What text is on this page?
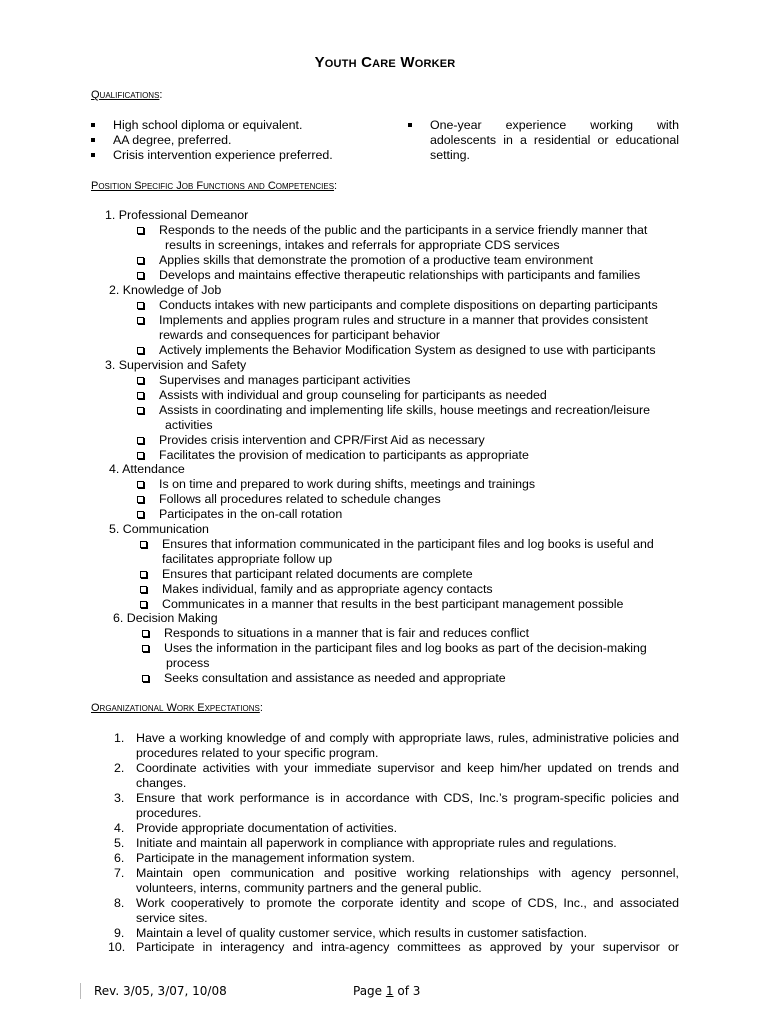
Youth Care Worker
Qualifications:
High school diploma or equivalent.
AA degree, preferred.
Crisis intervention experience preferred.
One-year experience working with
adolescents in a residential or educational
setting.
Position Specific Job Functions and Competencies:
1. Professional Demeanor
Responds to the needs of the public and the participants in a service friendly manner that
results in screenings, intakes and referrals for appropriate CDS services
Applies skills that demonstrate the promotion of a productive team environment
Develops and maintains effective therapeutic relationships with participants and families
2. Knowledge of Job
Conducts intakes with new participants and complete dispositions on departing participants
Implements and applies program rules and structure in a manner that provides consistent
rewards and consequences for participant behavior
Actively implements the Behavior Modification System as designed to use with participants
3. Supervision and Safety
Supervises and manages participant activities
Assists with individual and group counseling for participants as needed
Assists in coordinating and implementing life skills, house meetings and recreation/leisure
activities
Provides crisis intervention and CPR/First Aid as necessary
Facilitates the provision of medication to participants as appropriate
4. Attendance
Is on time and prepared to work during shifts, meetings and trainings
Follows all procedures related to schedule changes
Participates in the on-call rotation
5. Communication
Ensures that information communicated in the participant files and log books is useful and
facilitates appropriate follow up
Ensures that participant related documents are complete
Makes individual, family and as appropriate agency contacts
Communicates in a manner that results in the best participant management possible
6. Decision Making
Responds to situations in a manner that is fair and reduces conflict
Uses the information in the participant files and log books as part of the decision-making
process
Seeks consultation and assistance as needed and appropriate
Organizational Work Expectations:
1. Have a working knowledge of and comply with appropriate laws, rules, administrative policies and
procedures related to your specific program.
2. Coordinate activities with your immediate supervisor and keep him/her updated on trends and
changes.
3. Ensure that work performance is in accordance with CDS, Inc.’s program-specific policies and
procedures.
4. Provide appropriate documentation of activities.
5. Initiate and maintain all paperwork in compliance with appropriate rules and regulations.
6. Participate in the management information system.
7. Maintain open communication and positive working relationships with agency personnel,
volunteers, interns, community partners and the general public.
8. Work cooperatively to promote the corporate identity and scope of CDS, Inc., and associated
service sites.
9. Maintain a level of quality customer service, which results in customer satisfaction.
10. Participate in interagency and intra-agency committees as approved by your supervisor or
Rev. 3/05, 3/07, 10/08	Page 1 of 3
